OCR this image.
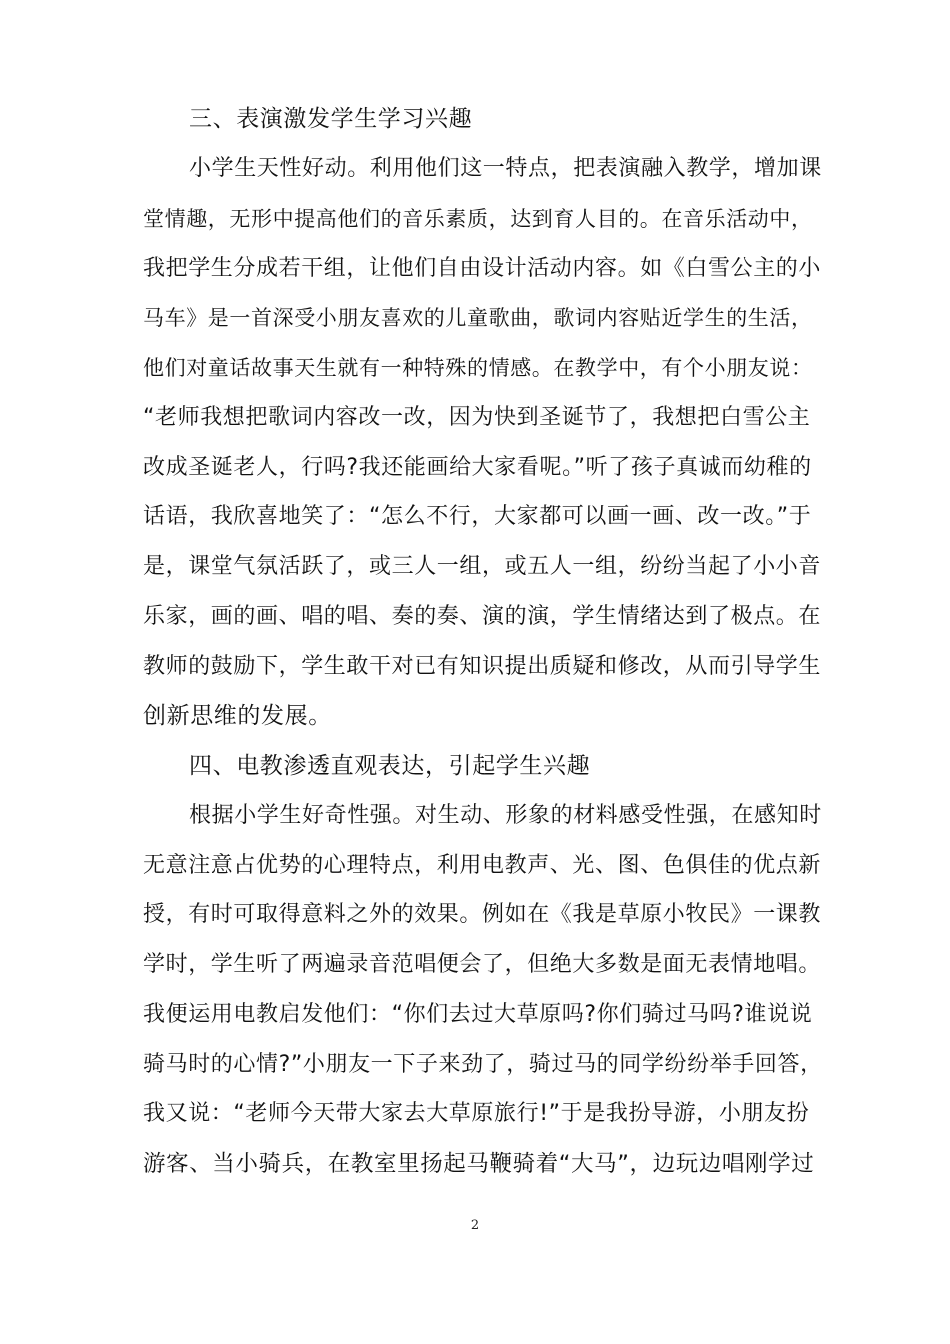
三、表演激发学生学习兴趣
小学生天性好动。利用他们这一特点，把表演融入教学，增加课
堂情趣，无形中提高他们的音乐素质，达到育人目的。在音乐活动中，
我把学生分成若干组，让他们自由设计活动内容。如《白雪公主的小
马车》是一首深受小朋友喜欢的儿童歌曲，歌词内容贴近学生的生活，
他们对童话故事天生就有一种特殊的情感。在教学中，有个小朋友说：
“老师我想把歌词内容改一改，因为快到圣诞节了，我想把白雪公主
改成圣诞老人，行吗?我还能画给大家看呢。”听了孩子真诚而幼稚的
话语，我欣喜地笑了：“怎么不行，大家都可以画一画、改一改。”于
是，课堂气氛活跃了，或三人一组，或五人一组，纷纷当起了小小音
乐家，画的画、唱的唱、奏的奏、演的演，学生情绪达到了极点。在
教师的鼓励下，学生敢干对已有知识提出质疑和修改，从而引导学生
创新思维的发展。
四、电教渗透直观表达，引起学生兴趣
根据小学生好奇性强。对生动、形象的材料感受性强，在感知时
无意注意占优势的心理特点，利用电教声、光、图、色俱佳的优点新
授，有时可取得意料之外的效果。例如在《我是草原小牧民》一课教
学时，学生听了两遍录音范唱便会了，但绝大多数是面无表情地唱。
我便运用电教启发他们：“你们去过大草原吗?你们骑过马吗?谁说说
骑马时的心情?”小朋友一下子来劲了，骑过马的同学纷纷举手回答，
我又说：“老师今天带大家去大草原旅行!”于是我扮导游，小朋友扮
游客、当小骑兵，在教室里扬起马鞭骑着“大马”，边玩边唱刚学过
2
